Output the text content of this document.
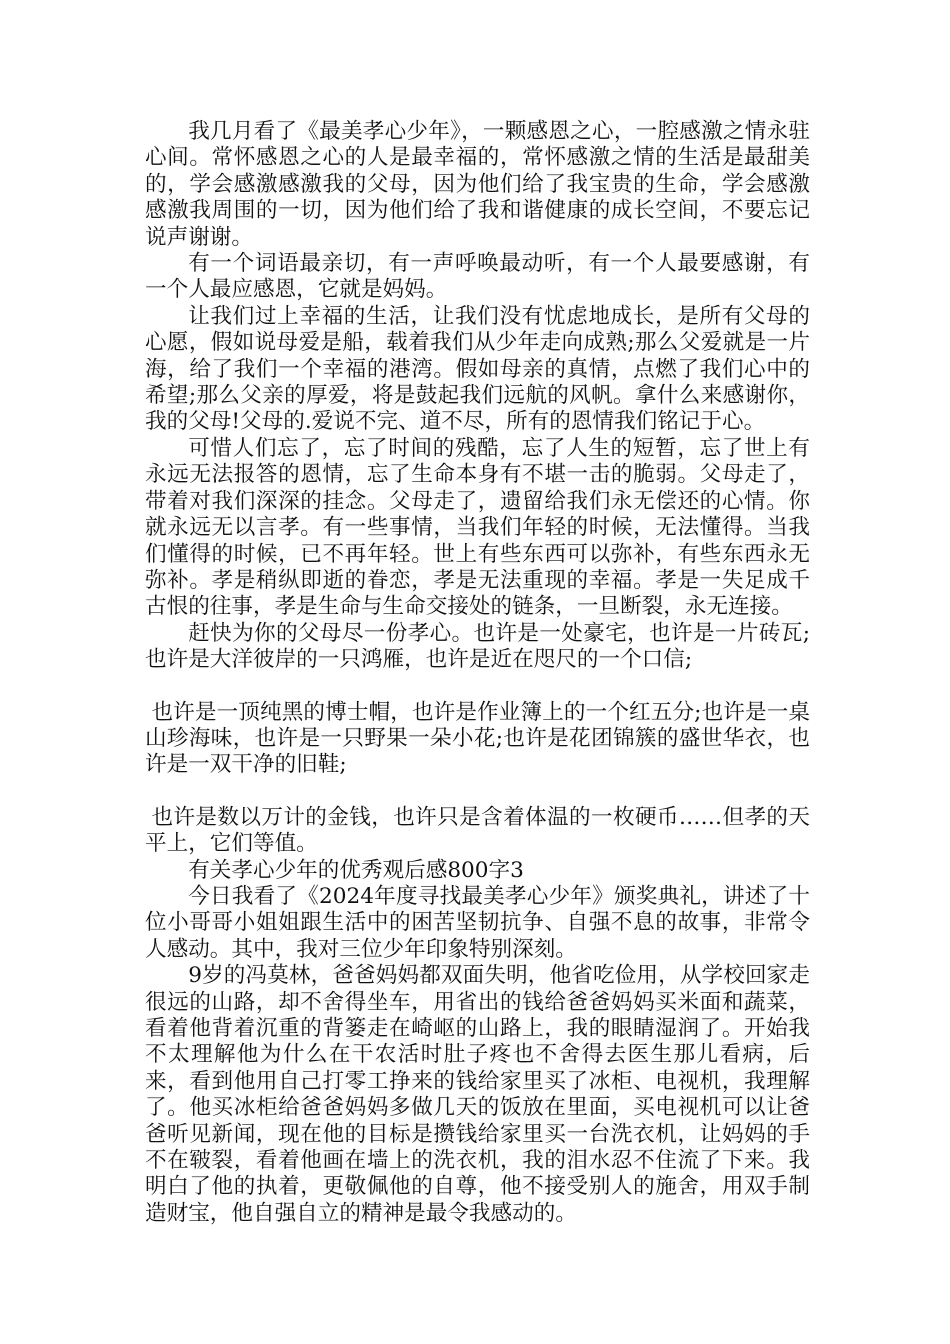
我几月看了《最美孝心少年》，一颗感恩之心，一腔感激之情永驻心间。常怀感恩之心的人是最幸福的，常怀感激之情的生活是最甜美的，学会感激感激我的父母，因为他们给了我宝贵的生命，学会感激感激我周围的一切，因为他们给了我和谐健康的成长空间，不要忘记说声谢谢。

有一个词语最亲切，有一声呼唤最动听，有一个人最要感谢，有一个人最应感恩，它就是妈妈。

让我们过上幸福的生活，让我们没有忧虑地成长，是所有父母的心愿，假如说母爱是船，载着我们从少年走向成熟;那么父爱就是一片海，给了我们一个幸福的港湾。假如母亲的真情，点燃了我们心中的希望;那么父亲的厚爱，将是鼓起我们远航的风帆。拿什么来感谢你，我的父母!父母的.爱说不完、道不尽，所有的恩情我们铭记于心。

可惜人们忘了，忘了时间的残酷，忘了人生的短暂，忘了世上有永远无法报答的恩情，忘了生命本身有不堪一击的脆弱。父母走了，带着对我们深深的挂念。父母走了，遗留给我们永无偿还的心情。你就永远无以言孝。有一些事情，当我们年轻的时候，无法懂得。当我们懂得的时候，已不再年轻。世上有些东西可以弥补，有些东西永无弥补。孝是稍纵即逝的眷恋，孝是无法重现的幸福。孝是一失足成千古恨的往事，孝是生命与生命交接处的链条，一旦断裂，永无连接。

赶快为你的父母尽一份孝心。也许是一处豪宅，也许是一片砖瓦;也许是大洋彼岸的一只鸿雁，也许是近在咫尺的一个口信;

也许是一顶纯黑的博士帽，也许是作业簿上的一个红五分;也许是一桌山珍海味，也许是一只野果一朵小花;也许是花团锦簇的盛世华衣，也许是一双干净的旧鞋;

也许是数以万计的金钱，也许只是含着体温的一枚硬币……但孝的天平上，它们等值。

有关孝心少年的优秀观后感800字3

今日我看了《2024年度寻找最美孝心少年》颁奖典礼，讲述了十位小哥哥小姐姐跟生活中的困苦坚韧抗争、自强不息的故事，非常令人感动。其中，我对三位少年印象特别深刻。

9岁的冯莫林，爸爸妈妈都双面失明，他省吃俭用，从学校回家走很远的山路，却不舍得坐车，用省出的钱给爸爸妈妈买米面和蔬菜，看着他背着沉重的背篓走在崎岖的山路上，我的眼睛湿润了。开始我不太理解他为什么在干农活时肚子疼也不舍得去医生那儿看病，后来，看到他用自己打零工挣来的钱给家里买了冰柜、电视机，我理解了。他买冰柜给爸爸妈妈多做几天的饭放在里面，买电视机可以让爸爸听见新闻，现在他的目标是攒钱给家里买一台洗衣机，让妈妈的手不在皲裂，看着他画在墙上的洗衣机，我的泪水忍不住流了下来。我明白了他的执着，更敬佩他的自尊，他不接受别人的施舍，用双手制造财宝，他自强自立的精神是最令我感动的。
